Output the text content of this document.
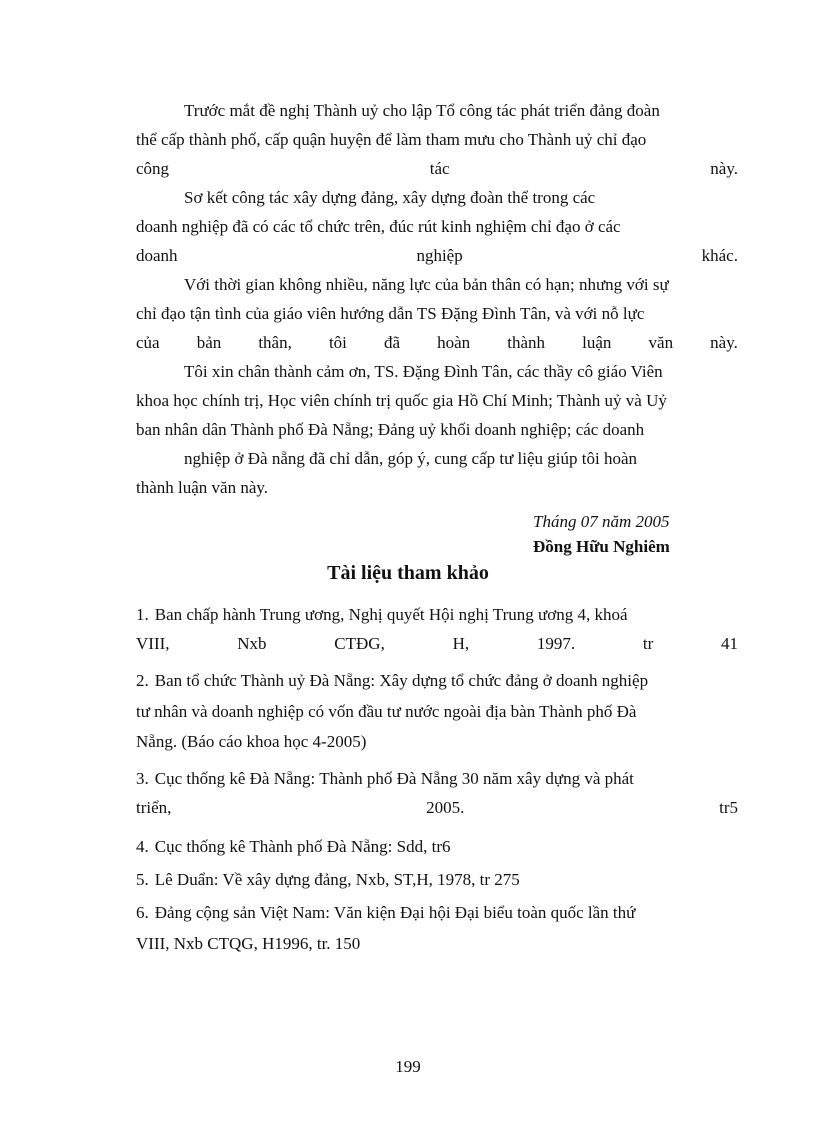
Trước mắt đề nghị Thành uỷ cho lập Tổ công tác phát triển đảng đoàn
thể cấp thành phố, cấp quận huyện để làm tham mưu cho Thành uỷ chỉ đạo
công	tác	này.
Sơ kết công tác xây dựng đảng, xây dựng đoàn thể trong các
doanh nghiệp đã có các tổ chức trên, đúc rút kinh nghiệm chỉ đạo ở các
doanh	nghiệp	khác.
Với thời gian không nhiều, năng lực của bản thân có hạn; nhưng với sự
chỉ đạo tận tình của giáo viên hướng dẫn TS Đặng Đình Tân, và với nỗ lực
của bản thân, tôi đã hoàn thành luận văn này.
Tôi xin chân thành cảm ơn, TS. Đặng Đình Tân, các thầy cô giáo Viên
khoa học chính trị, Học viên chính trị quốc gia Hồ Chí Minh; Thành uỷ và Uỷ
ban nhân dân Thành phố Đà Nẵng; Đảng uỷ khối doanh nghiệp; các doanh
nghiệp ở Đà nẵng đã chỉ dẫn, góp ý, cung cấp tư liệu giúp tôi hoàn
thành luận văn này.
Tháng 07 năm 2005
Đồng Hữu Nghiêm
Tài liệu tham khảo
1. Ban chấp hành Trung ương, Nghị quyết Hội nghị Trung ương 4, khoá
VIII,	Nxb	CTĐG,	H,	1997.	tr	41
2. Ban tổ chức Thành uỷ Đà Nẵng: Xây dựng tổ chức đảng ở doanh nghiệp
tư nhân và doanh nghiệp có vốn đầu tư nước ngoài địa bàn Thành phố Đà
Nẵng. (Báo cáo khoa học 4-2005)
3. Cục thống kê Đà Nẵng: Thành phố Đà Nẵng 30 năm xây dựng và phát
triển,	2005.	tr5
4. Cục thống kê Thành phố Đà Nẵng: Sdd, tr6
5. Lê Duẩn: Về xây dựng đảng, Nxb, ST,H, 1978, tr 275
6. Đảng cộng sản Việt Nam: Văn kiện Đại hội Đại biểu toàn quốc lần thứ
VIII, Nxb CTQG, H1996, tr. 150
199
